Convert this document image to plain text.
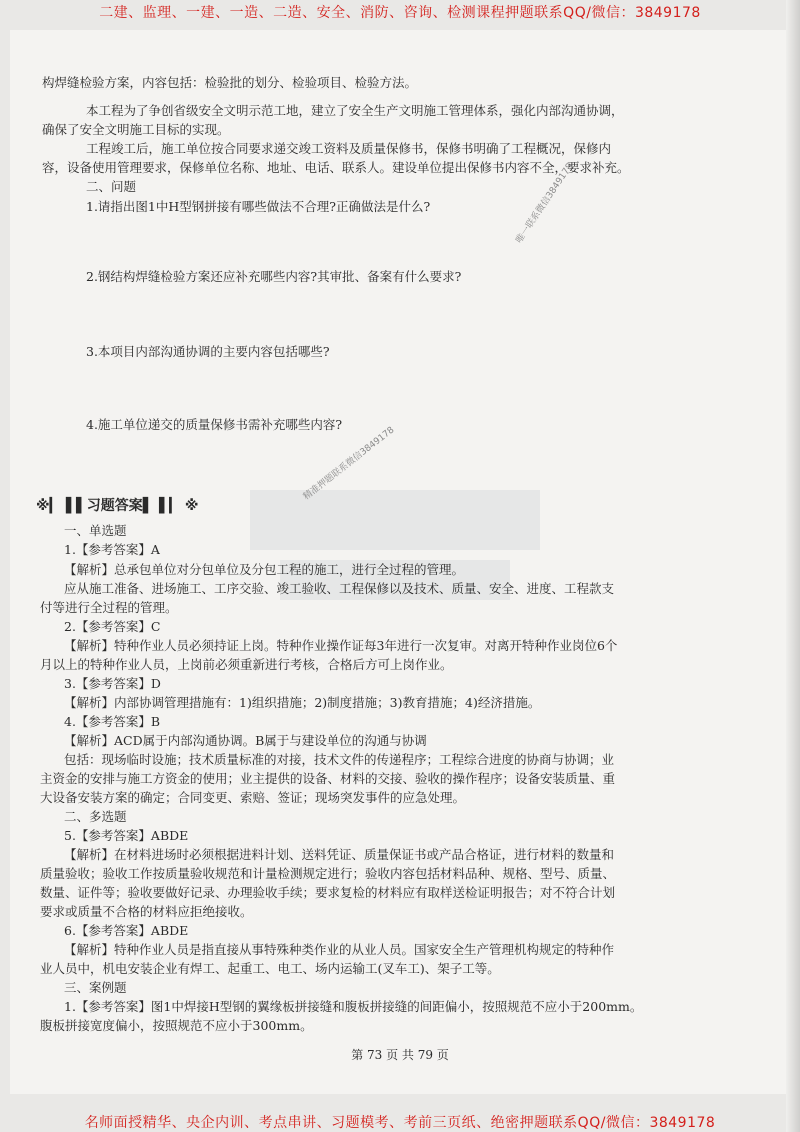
二建、监理、一建、一造、二造、安全、消防、咨询、检测课程押题联系QQ/微信：3849178
构焊缝检验方案，内容包括：检验批的划分、检验项目、检验方法。
本工程为了争创省级安全文明示范工地，建立了安全生产文明施工管理体系，强化内部沟通协调，
确保了安全文明施工目标的实现。
工程竣工后，施工单位按合同要求递交竣工资料及质量保修书，保修书明确了工程概况，保修内
容，设备使用管理要求，保修单位名称、地址、电话、联系人。建设单位提出保修书内容不全，要求补充。
二、问题
1.请指出图1中H型钢拼接有哪些做法不合理?正确做法是什么?
2.钢结构焊缝检验方案还应补充哪些内容?其审批、备案有什么要求?
3.本项目内部沟通协调的主要内容包括哪些?
4.施工单位递交的质量保修书需补充哪些内容?
唯一联系微信3849178
精准押题联系微信3849178
※▎▐ ▌习题答案▌▐ ▎ ※
一、单选题
1.【参考答案】A
【解析】总承包单位对分包单位及分包工程的施工，进行全过程的管理。
应从施工准备、进场施工、工序交验、竣工验收、工程保修以及技术、质量、安全、进度、工程款支
付等进行全过程的管理。
2.【参考答案】C
【解析】特种作业人员必须持证上岗。特种作业操作证每3年进行一次复审。对离开特种作业岗位6个
月以上的特种作业人员，上岗前必须重新进行考核，合格后方可上岗作业。
3.【参考答案】D
【解析】内部协调管理措施有：1)组织措施；2)制度措施；3)教育措施；4)经济措施。
4.【参考答案】B
【解析】ACD属于内部沟通协调。B属于与建设单位的沟通与协调
包括：现场临时设施；技术质量标准的对接，技术文件的传递程序；工程综合进度的协商与协调；业
主资金的安排与施工方资金的使用；业主提供的设备、材料的交接、验收的操作程序；设备安装质量、重
大设备安装方案的确定；合同变更、索赔、签证；现场突发事件的应急处理。
二、多选题
5.【参考答案】ABDE
【解析】在材料进场时必须根据进料计划、送料凭证、质量保证书或产品合格证，进行材料的数量和
质量验收；验收工作按质量验收规范和计量检测规定进行；验收内容包括材料品种、规格、型号、质量、
数量、证件等；验收要做好记录、办理验收手续；要求复检的材料应有取样送检证明报告；对不符合计划
要求或质量不合格的材料应拒绝接收。
6.【参考答案】ABDE
【解析】特种作业人员是指直接从事特殊种类作业的从业人员。国家安全生产管理机构规定的特种作
业人员中，机电安装企业有焊工、起重工、电工、场内运输工(叉车工)、架子工等。
三、案例题
1.【参考答案】图1中焊接H型钢的翼缘板拼接缝和腹板拼接缝的间距偏小，按照规范不应小于200mm。
腹板拼接宽度偏小，按照规范不应小于300mm。
第 73 页 共 79 页
名师面授精华、央企内训、考点串讲、习题模考、考前三页纸、绝密押题联系QQ/微信：3849178
